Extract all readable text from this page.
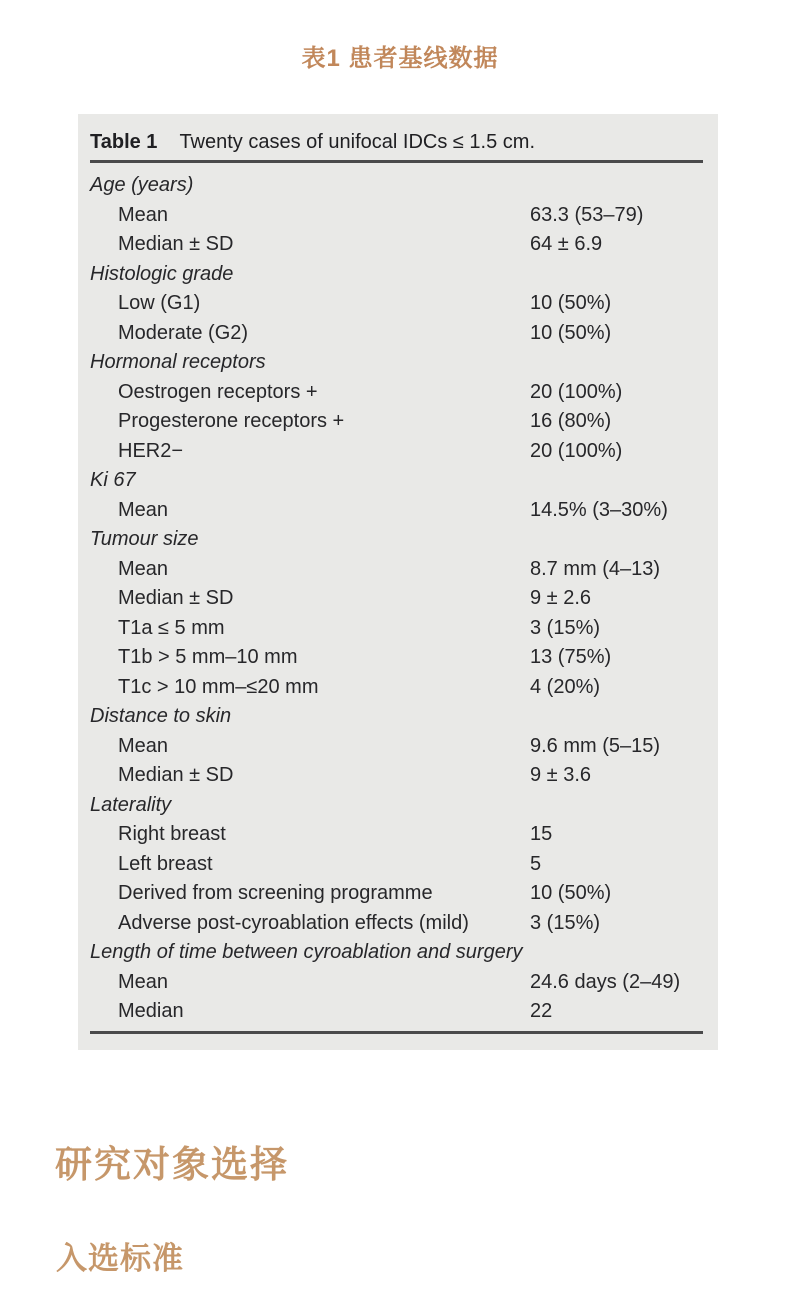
表1 患者基线数据
Table 1 Twenty cases of unifocal IDCs ≤ 1.5 cm.
Age (years)
Mean	63.3 (53–79)
Median ± SD	64 ± 6.9
Histologic grade
Low (G1)	10 (50%)
Moderate (G2)	10 (50%)
Hormonal receptors
Oestrogen receptors +	20 (100%)
Progesterone receptors +	16 (80%)
HER2−	20 (100%)
Ki 67
Mean	14.5% (3–30%)
Tumour size
Mean	8.7 mm (4–13)
Median ± SD	9 ± 2.6
T1a ≤ 5 mm	3 (15%)
T1b > 5 mm–10 mm	13 (75%)
T1c > 10 mm–≤20 mm	4 (20%)
Distance to skin
Mean	9.6 mm (5–15)
Median ± SD	9 ± 3.6
Laterality
Right breast	15
Left breast	5
Derived from screening programme	10 (50%)
Adverse post-cyroablation effects (mild)	3 (15%)
Length of time between cyroablation and surgery
Mean	24.6 days (2–49)
Median	22
研究对象选择
入选标准
